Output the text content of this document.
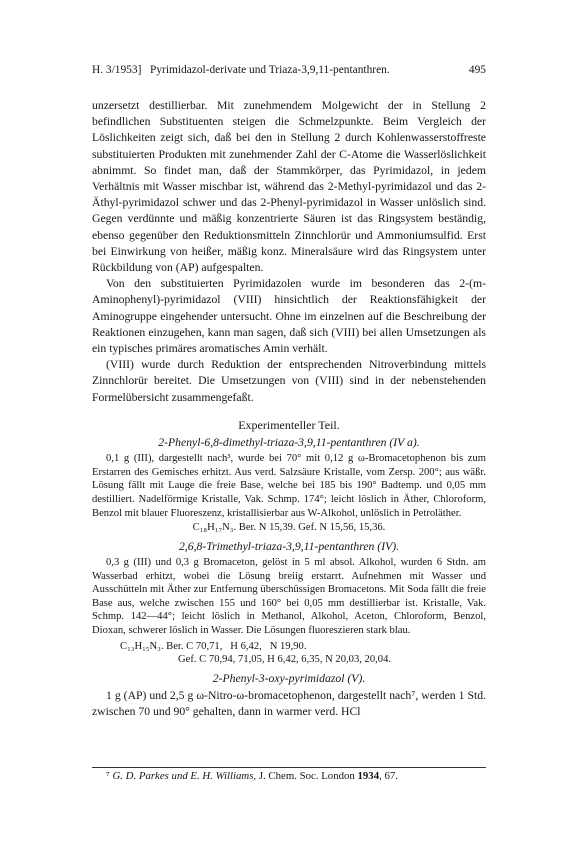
H. 3/1953] Pyrimidazol-derivate und Triaza-3,9,11-pentanthren.	495

unzersetzt destillierbar. Mit zunehmendem Molgewicht der in Stellung 2 befindlichen Substituenten steigen die Schmelzpunkte. Beim Vergleich der Löslichkeiten zeigt sich, daß bei den in Stellung 2 durch Kohlenwasserstoffreste substituierten Produkten mit zunehmender Zahl der C-Atome die Wasserlöslichkeit abnimmt. So findet man, daß der Stammkörper, das Pyrimidazol, in jedem Verhältnis mit Wasser mischbar ist, während das 2-Methyl-pyrimidazol und das 2-Äthyl-pyrimidazol schwer und das 2-Phenyl-pyrimidazol in Wasser unlöslich sind. Gegen verdünnte und mäßig konzentrierte Säuren ist das Ringsystem beständig, ebenso gegenüber den Reduktionsmitteln Zinnchlorür und Ammoniumsulfid. Erst bei Einwirkung von heißer, mäßig konz. Mineralsäure wird das Ringsystem unter Rückbildung von (AP) aufgespalten.

Von den substituierten Pyrimidazolen wurde im besonderen das 2-(m-Aminophenyl)-pyrimidazol (VIII) hinsichtlich der Reaktionsfähigkeit der Aminogruppe eingehender untersucht. Ohne im einzelnen auf die Beschreibung der Reaktionen einzugehen, kann man sagen, daß sich (VIII) bei allen Umsetzungen als ein typisches primäres aromatisches Amin verhält.

(VIII) wurde durch Reduktion der entsprechenden Nitroverbindung mittels Zinnchlorür bereitet. Die Umsetzungen von (VIII) sind in der nebenstehenden Formelübersicht zusammengefaßt.

Experimenteller Teil.

2-Phenyl-6,8-dimethyl-triaza-3,9,11-pentanthren (IV a).

0,1 g (III), dargestellt nach³, wurde bei 70° mit 0,12 g ω-Bromacetophenon bis zum Erstarren des Gemisches erhitzt. Aus verd. Salzsäure Kristalle, vom Zersp. 200°; aus wäßr. Lösung fällt mit Lauge die freie Base, welche bei 185 bis 190° Badtemp. und 0,05 mm destilliert. Nadelförmige Kristalle, Vak. Schmp. 174°; leicht löslich in Äther, Chloroform, Benzol mit blauer Fluoreszenz, kristallisierbar aus W-Alkohol, unlöslich in Petroläther.

C₁₈H₁₇N₃. Ber. N 15,39. Gef. N 15,56, 15,36.

2,6,8-Trimethyl-triaza-3,9,11-pentanthren (IV).

0,3 g (III) und 0,3 g Bromaceton, gelöst in 5 ml absol. Alkohol, wurden 6 Stdn. am Wasserbad erhitzt, wobei die Lösung breiig erstarrt. Aufnehmen mit Wasser und Ausschütteln mit Äther zur Entfernung überschüssigen Bromacetons. Mit Soda fällt die freie Base aus, welche zwischen 155 und 160° bei 0,05 mm destillierbar ist. Kristalle, Vak. Schmp. 142—44°; leicht löslich in Methanol, Alkohol, Aceton, Chloroform, Benzol, Dioxan, schwerer löslich in Wasser. Die Lösungen fluoreszieren stark blau.

C₁₃H₁₅N₃. Ber. C 70,71,   H 6,42,   N 19,90.

Gef. C 70,94, 71,05, H 6,42, 6,35, N 20,03, 20,04.

2-Phenyl-3-oxy-pyrimidazol (V).

1 g (AP) und 2,5 g ω-Nitro-ω-bromacetophenon, dargestellt nach⁷, werden 1 Std. zwischen 70 und 90° gehalten, dann in warmer verd. HCl

⁷ G. D. Parkes und E. H. Williams, J. Chem. Soc. London 1934, 67.
